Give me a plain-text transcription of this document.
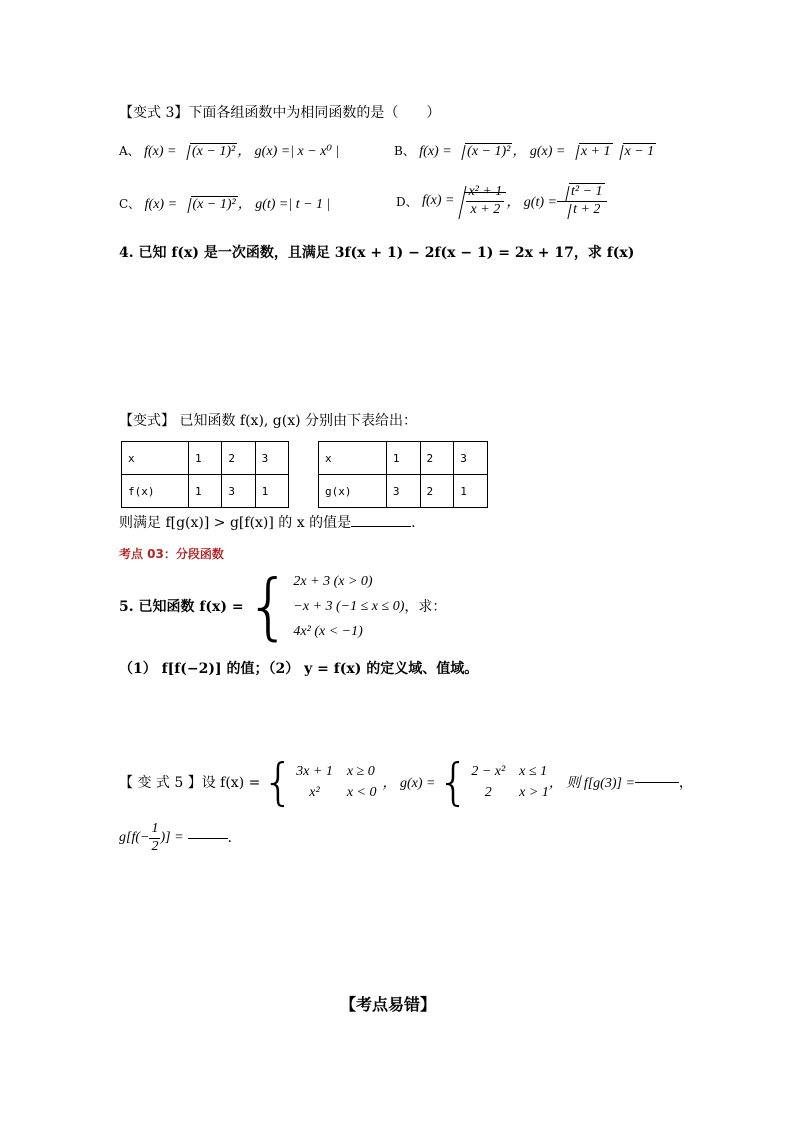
【变式 3】下面各组函数中为相同函数的是（　　）
A、 f(x) = (x − 1)² ， g(x) =| x − x⁰ |	B、 f(x) = (x − 1)² ， g(x) = x + 1 x − 1
C、 f(x) = (x − 1)² ， g(t) =| t − 1 |	D、
$f(x) = \frac{\text{x² + 1}}{x + 2}$ ， $g(t) = \frac{\text{t² − 1}}{t + 2}$
4. 已知 f(x) 是一次函数，且满足 3f(x + 1) − 2f(x − 1) = 2x + 17，求 f(x)
【变式】 已知函数 f(x), g(x) 分别由下表给出：
x	1	2	3
f(x)	1	3	1
x	1	2	3
g(x)	3	2	1
则满足 f[g(x)] > g[f(x)] 的 x 的值是	.
考点 03：分段函数
5. 已知函数 f(x) = { 2x + 3 (x > 0)
−x + 3 (−1 ≤ x ≤ 0)
4x² (x < −1)
，求：
（1） f[f(−2)] 的值；（2） y = f(x) 的定义域、值域。
【 变 式 5 】设 f(x) = { 3x + 1 x ≥ 0
x²	x < 0
， g(x) = { 2 − x² x ≤ 1
2	x > 1
， 则 f[g(3)] =	，
$g[f(- \frac{1}{2}$ )] =	.
【考点易错】
